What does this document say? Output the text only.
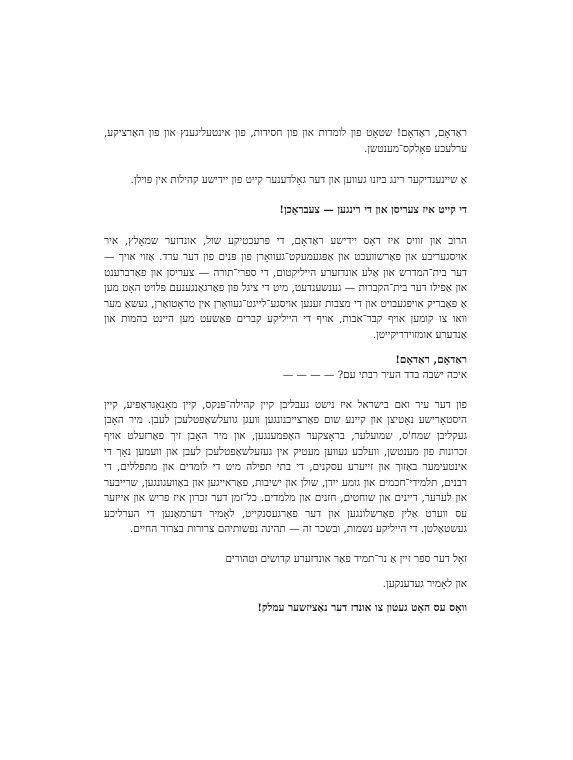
ראַדאָם, ראַדאָם! שטאָט פון לומדות און פון חסידות, פון אינטעליגענץ און פון האַרציקע, ערלעכע פּאָלקס־מענטשן.

אַ שיינענדיקער רינג ביזנו געווען און דער גאָלדענער קייט פון יידישע קהילות אין פּוילן.

די קייט איז צעריסן און די רינגען — צעבראָכן!

הרוב און זוויס איז דאָס יידישע ראַדאָם, די פּרעכטיקע שול, אונדזער שמאָלץ, איר אויסגעריבע און פאַרשוועכט און אַפּגעמעקט־געוואָרן פון פּנים פון דער ערד. אַזוי אויך — דער בית־המדרש און אַלע אונדזערע הייליקטום, די ספרי־תורה — צעריסן און פאַרברענט און אַפילו דער בית־הקברות — גענשענדעט, מיט די ציגל פון פאַרגאַנגענעם פּלויט האָט מען אַ פּאַבריק אויפגעבויט און די מצבות זענען אויסגע־לייגט־געוואָרן אין טראָטואַרן, געשאַ מער וואו צו קומען אויף קבר־אבות, אויף די הייליקע קברים פּאַשעט מען היינט בהמות און אַנדערע אומזוידריקייטן.

ראַדאָם, ראַדאָם!

איכה ישבה בדד העיר רבתי עם? — — — —

פון דער עיר ואם בישראל איז נישט געבליבן קיין קהילה־פּנקס, קיין מאָנאָגראַפיע, קיין היסטאָרישע נאָטיצן און קיינע שום פאַרצייכנונגען וועגן גוועלשאַפטלעכן לעבן. מיר האָבן געקליבן שמח'ס, שמועלער, בראָצקער האָפּמענגען, און מיר האָבן זיך פאַרזעלט אויף זכרונות פון מענטשן, וועלכע געווען מעטיק אין געזעלשאַפטלעכן לעבן און וועמען נאָך די אינטעימער באַזוך און זייערע עסקנים, די בתי תפילה מיט די לומדים און מתפללים, די רבנים, תלמידי־חכמים און גומע ייִדן, שולן און ישיבות, פאַראייגען און באַוועגונגען, שרייבער און לערער, דיינים און שוחטים, חזנים און מלמדים. כל־זמן דער זכרון איז פריש און אייזער עס ווערט אַלין פאַרשלונגען און דער פאַרגעסנקייט, לאָמיר דערמאַנען די הערליכע געשטאַלטן. די הייליקע נשמות, ובשכר זה — תהינה נפשותיהם צרורות בצרור החיים.

זאָל דער ספר זיין אַ נר־תמיד פאַר אונדזערע קדושים וטהורים

און לאָמיר געדענקען.

וואָס עס האָט געטון צו אונדז דער נאַציזשער עמלק!
